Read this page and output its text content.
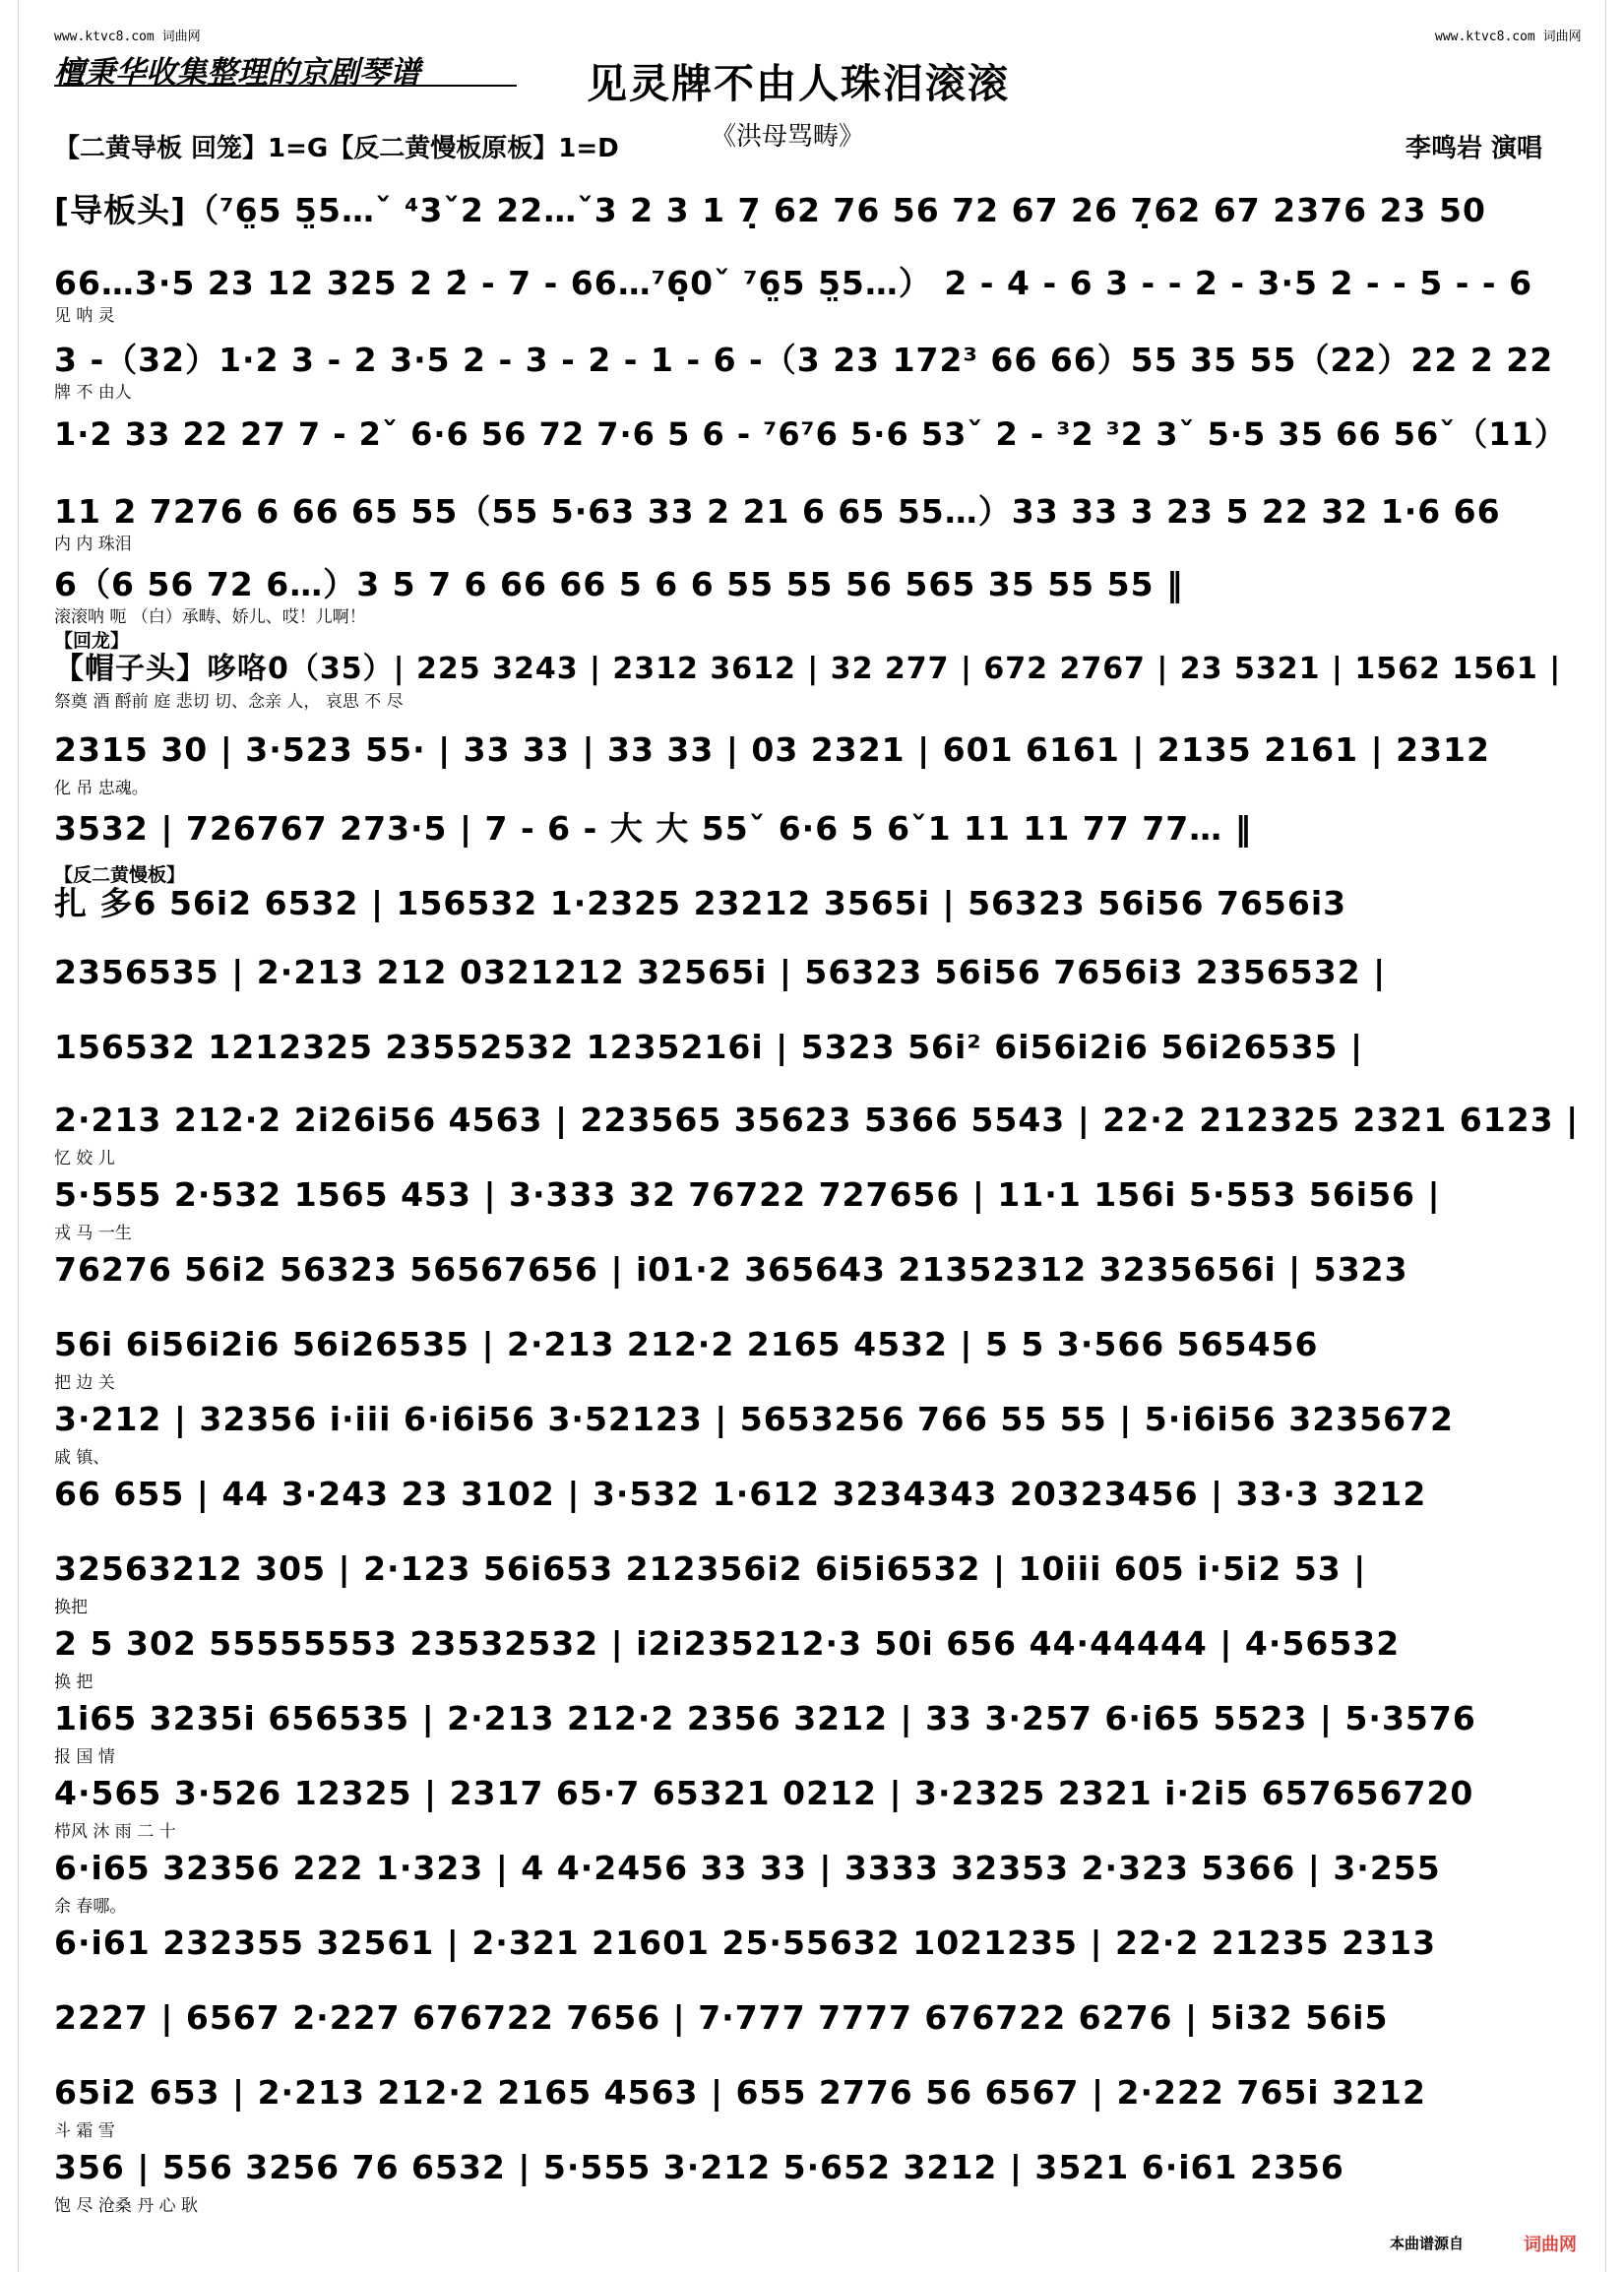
www.ktvc8.com 词曲网	www.ktvc8.com 词曲网
檀秉华收集整理的京剧琴谱	见灵牌不由人珠泪滚滚
《洪母骂畴》
【二黄导板 回笼】1=G【反二黄慢板原板】1=D	李鸣岩 演唱
[导板头]（⁷6̤5 5̤5…ˇ ⁴3ˇ2 22…ˇ3 2 3 1 7̣ 62 76 56 72 67 26 7̣62 67 2376 23 50
66…3·5 23 12 325 2 2̇ - 7 - 66…⁷6̣0ˇ ⁷6̤5 5̤5…） 2 - 4 - 6 3 - - 2 - 3·5 2 - - 5 - - 6
见 呐 灵
3 -（32）1·2 3 - 2 3·5 2 - 3 - 2 - 1 - 6 -（3 23 172³ 66 66）55 35 55（22）22 2 22
牌 不 由人
1·2 33 22 27 7 - 2ˇ 6·6 56 72 7·6 5 6 - ⁷6⁷6 5·6 53ˇ 2 - ³2 ³2 3ˇ 5·5 35 66 56ˇ（11）
11 2 7276 6 66 65 55（55 5·63 33 2 21 6 65 55…）33 33 3 23 5 22 32 1·6 66
内 内 珠泪
6（6 56 72 6…）3 5 7 6 66 66 5 6 6 55 55 56 565 35 55 55 ‖
滚滚呐 呃 （白）承畴、娇儿、哎！儿啊！
【帽子头】哆咯0（35）| 225 3243 | 2312 3612 | 32 277 | 672 2767 | 23 5321 | 1562 1561 |
祭奠 酒 酹前 庭 悲切 切、念亲 人， 哀思 不 尽
2315 30 | 3·523 55· | 33 33 | 33 33 | 03 2321 | 601 6161 | 2135 2161 | 2312
化 吊 忠魂。
3532 | 726767 273·5 | 7 - 6 - 大 大 55ˇ 6·6 5 6ˇ1 11 11 77 77… ‖
扎 多6 56i2 6532 | 156532 1·2325 23212 3565i | 56323 56i56 7656i3
2356535 | 2·213 212 0321212 32565i | 56323 56i56 7656i3 2356532 |
156532 1212325 23552532 1235216i | 5323 56i² 6i56i2i6 56i26535 |
2·213 212·2 2i26i56 4563 | 223565 35623 5366 5543 | 22·2 212325 2321 6123 |
忆 姣 儿
5·555 2·532 1565 453 | 3·333 32 76722 727656 | 11·1 156i 5·553 56i56 |
戎 马 一生
76276 56i2 56323 56567656 | i01·2 365643 21352312 3235656i | 5323
56i 6i56i2i6 56i26535 | 2·213 212·2 2165 4532 | 5 5 3·566 565456
把 边 关
3·212 | 32356 i·iii 6·i6i56 3·52123 | 5653256 766 55 55 | 5·i6i56 3235672
戚 镇、
66 655 | 44 3·243 23 3102 | 3·532 1·612 3234343 20323456 | 33·3 3212
32563212 305 | 2·123 56i653 212356i2 6i5i6532 | 10iii 605 i·5i2 53 |
换把
2 5 302 55555553 23532532 | i2i235212·3 50i 656 44·44444 | 4·56532
换 把
1i65 3235i 656535 | 2·213 212·2 2356 3212 | 33 3·257 6·i65 5523 | 5·3576
报 国 情
4·565 3·526 12325 | 2317 65·7 65321 0212 | 3·2325 2321 i·2i5 657656720
栉风 沐 雨 二 十
6·i65 32356 222 1·323 | 4 4·2456 33 33 | 3333 32353 2·323 5366 | 3·255
余 春哪。
6·i61 232355 32561 | 2·321 21601 25·55632 1021235 | 22·2 21235 2313
2227 | 6567 2·227 676722 7656 | 7·777 7777 676722 6276 | 5i32 56i5
65i2 653 | 2·213 212·2 2165 4563 | 655 2776 56 6567 | 2·222 765i 3212
斗 霜 雪
356 | 556 3256 76 6532 | 5·555 3·212 5·652 3212 | 3521 6·i61 2356
饱 尽 沧桑 丹 心 耿
【回龙】
【反二黄慢板】
本曲谱源自	词曲网
